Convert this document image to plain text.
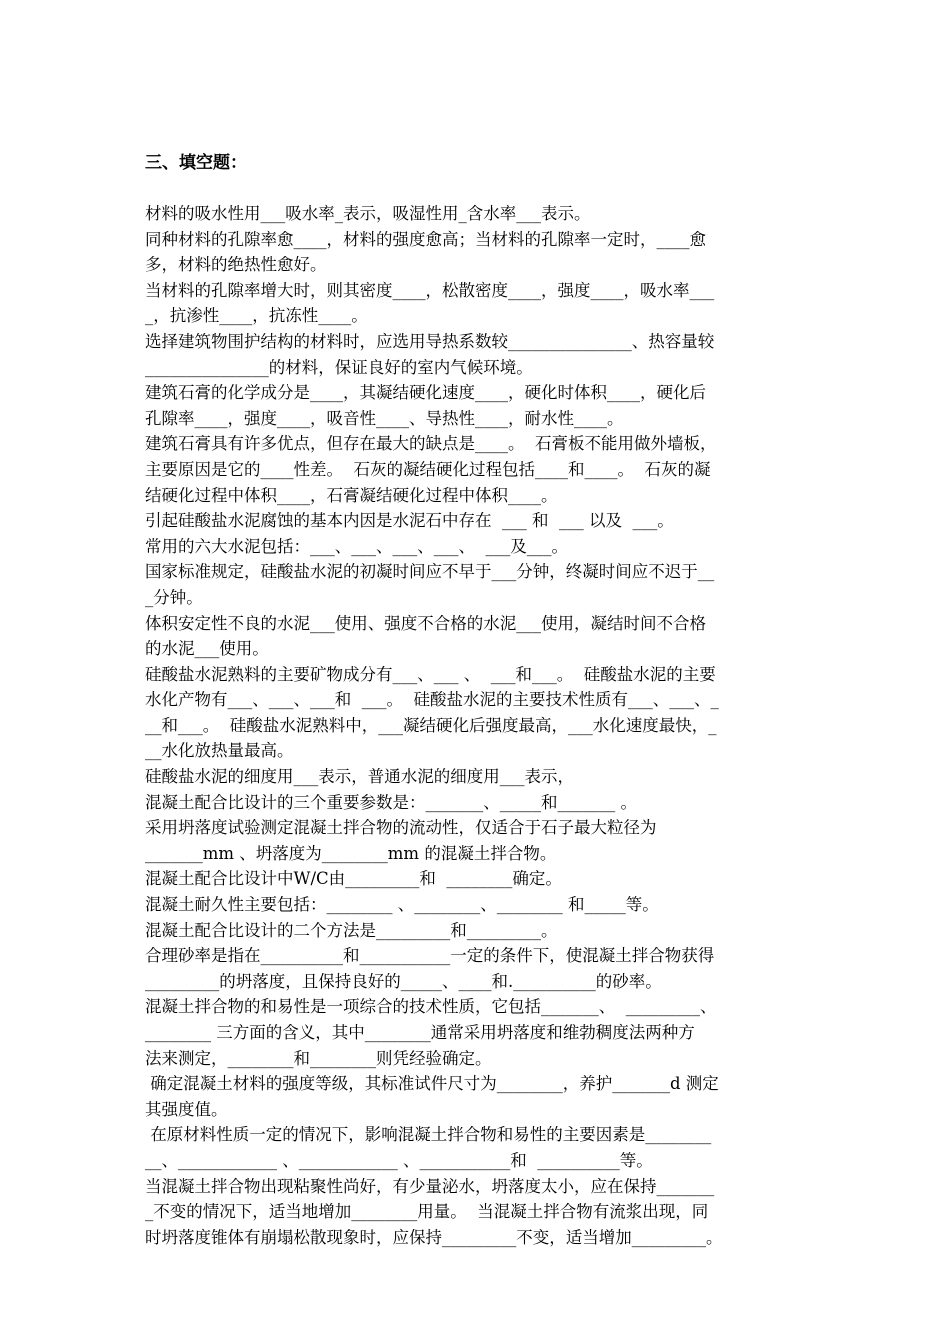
三、填空题：
材料的吸水性用___吸水率_表示，吸湿性用_含水率___表示。
同种材料的孔隙率愈____，材料的强度愈高；当材料的孔隙率一定时，____愈
多，材料的绝热性愈好。
当材料的孔隙率增大时，则其密度____，松散密度____，强度____，吸水率___
_，抗渗性____，抗冻性____。
选择建筑物围护结构的材料时，应选用导热系数较_______________、热容量较
_______________的材料，保证良好的室内气候环境。
建筑石膏的化学成分是____，其凝结硬化速度____，硬化时体积____，硬化后
孔隙率____，强度____，吸音性____、导热性____，耐水性____。
建筑石膏具有许多优点，但存在最大的缺点是____。  石膏板不能用做外墙板，
主要原因是它的____性差。  石灰的凝结硬化过程包括____和____。  石灰的凝
结硬化过程中体积____，石膏凝结硬化过程中体积____。
引起硅酸盐水泥腐蚀的基本内因是水泥石中存在  ___ 和  ___ 以及  ___。
常用的六大水泥包括：___、___、___、___、  ___及___。
国家标准规定，硅酸盐水泥的初凝时间应不早于___分钟，终凝时间应不迟于__
_分钟。
体积安定性不良的水泥___使用、强度不合格的水泥___使用，凝结时间不合格
的水泥___使用。
硅酸盐水泥熟料的主要矿物成分有___、___ 、  ___和___。  硅酸盐水泥的主要
水化产物有___、___、___和  ___。  硅酸盐水泥的主要技术性质有___、___、_
__和___。  硅酸盐水泥熟料中，___凝结硬化后强度最高，___水化速度最快，_
__水化放热量最高。
硅酸盐水泥的细度用___表示，普通水泥的细度用___表示，
混凝土配合比设计的三个重要参数是：_______、_____和_______ 。
采用坍落度试验测定混凝土拌合物的流动性，仅适合于石子最大粒径为
_______mm 、坍落度为________mm 的混凝土拌合物。
混凝土配合比设计中W/C由_________和  ________确定。
混凝土耐久性主要包括：________ 、________、________ 和_____等。
混凝土配合比设计的二个方法是_________和_________。
合理砂率是指在__________和___________一定的条件下，使混凝土拌合物获得
_________的坍落度，且保持良好的_____、____和.__________的砂率。
混凝土拌合物的和易性是一项综合的技术性质，它包括_______、  _________、
________ 三方面的含义，其中________通常采用坍落度和维勃稠度法两种方
法来测定，________和________则凭经验确定。
确定混凝土材料的强度等级，其标准试件尺寸为________，养护_______d 测定
其强度值。
在原材料性质一定的情况下，影响混凝土拌合物和易性的主要因素是________
__、____________ 、____________ 、___________和  __________等。
当混凝土拌合物出现粘聚性尚好，有少量泌水，坍落度太小，应在保持_______
_不变的情况下，适当地增加________用量。  当混凝土拌合物有流浆出现，同
时坍落度锥体有崩塌松散现象时，应保持_________不变，适当增加_________。
